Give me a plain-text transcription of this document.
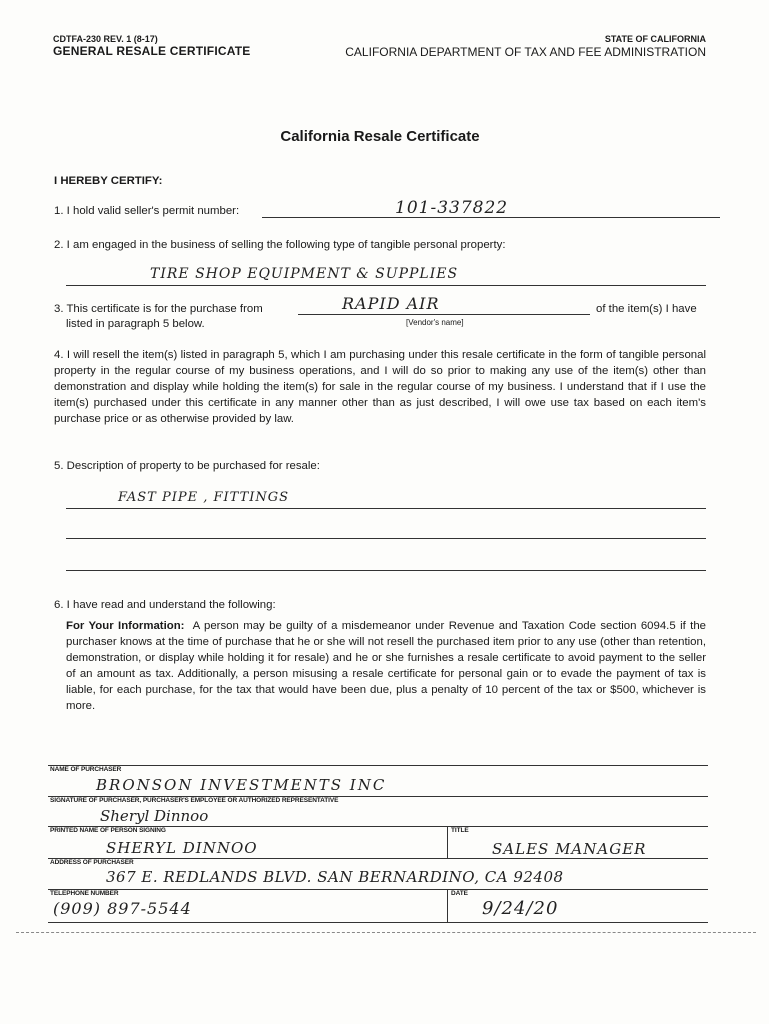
CDTFA-230 REV. 1 (8-17)
GENERAL RESALE CERTIFICATE
STATE OF CALIFORNIA
CALIFORNIA DEPARTMENT OF TAX AND FEE ADMINISTRATION
California Resale Certificate
I HEREBY CERTIFY:
1. I hold valid seller's permit number:	101-337822
2. I am engaged in the business of selling the following type of tangible personal property:
TIRE SHOP EQUIPMENT & SUPPLIES
3. This certificate is for the purchase from	RAPID AIR	of the item(s) I have
listed in paragraph 5 below.	[Vendor's name]
4. I will resell the item(s) listed in paragraph 5, which I am purchasing under this resale certificate in the form of tangible personal property in the regular course of my business operations, and I will do so prior to making any use of the item(s) other than demonstration and display while holding the item(s) for sale in the regular course of my business. I understand that if I use the item(s) purchased under this certificate in any manner other than as just described, I will owe use tax based on each item's purchase price or as otherwise provided by law.
5. Description of property to be purchased for resale:
FAST PIPE , FITTINGS
6. I have read and understand the following:
For Your Information: A person may be guilty of a misdemeanor under Revenue and Taxation Code section 6094.5 if the purchaser knows at the time of purchase that he or she will not resell the purchased item prior to any use (other than retention, demonstration, or display while holding it for resale) and he or she furnishes a resale certificate to avoid payment to the seller of an amount as tax. Additionally, a person misusing a resale certificate for personal gain or to evade the payment of tax is liable, for each purchase, for the tax that would have been due, plus a penalty of 10 percent of the tax or $500, whichever is more.
NAME OF PURCHASER
BRONSON INVESTMENTS INC
SIGNATURE OF PURCHASER, PURCHASER'S EMPLOYEE OR AUTHORIZED REPRESENTATIVE
Sheryl Dinnoo
PRINTED NAME OF PERSON SIGNING
SHERYL DINNOO
TITLE
SALES MANAGER
ADDRESS OF PURCHASER
367 E. REDLANDS BLVD. SAN BERNARDINO, CA 92408
TELEPHONE NUMBER
(909) 897-5544
DATE
9/24/20
